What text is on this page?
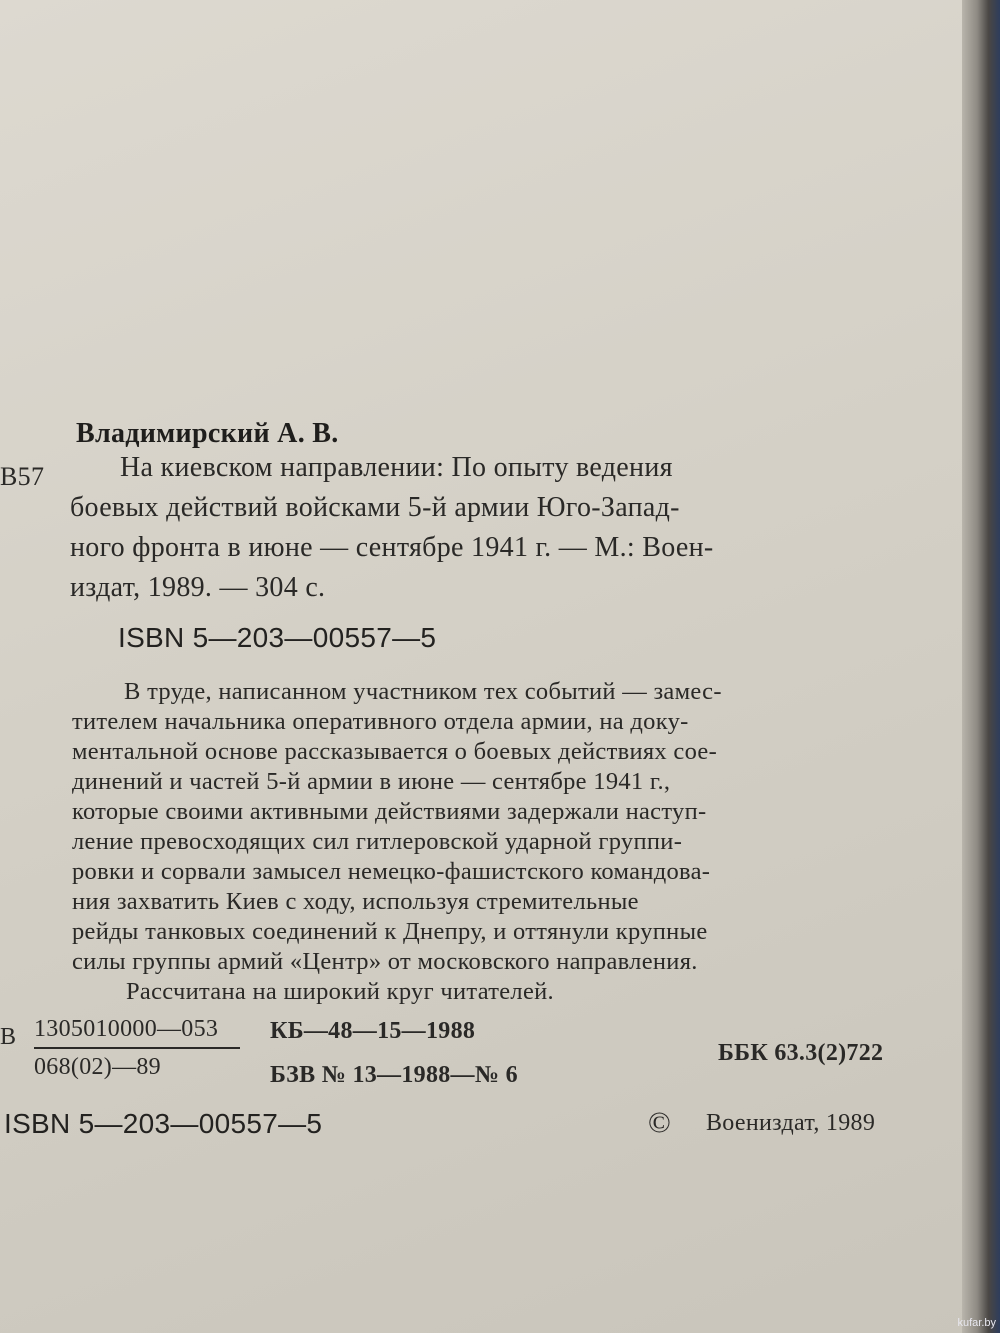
Владимирский А. В.
В57	На киевском направлении: По опыту ведения
боевых действий войсками 5-й армии Юго-Запад-
ного фронта в июне — сентябре 1941 г. — М.: Воен-
издат, 1989. — 304 с.
ISBN 5—203—00557—5
В труде, написанном участником тех событий — замес-
тителем начальника оперативного отдела армии, на доку-
ментальной основе рассказывается о боевых действиях сое-
динений и частей 5-й армии в июне — сентябре 1941 г.,
которые своими активными действиями задержали наступ-
ление превосходящих сил гитлеровской ударной группи-
ровки и сорвали замысел немецко-фашистского командова-
ния захватить Киев с ходу, используя стремительные
рейды танковых соединений к Днепру, и оттянули крупные
силы группы армий «Центр» от московского направления.
Рассчитана на широкий круг читателей.
В 1305010000—053
068(02)—89
КБ—48—15—1988
БЗВ № 13—1988—№ 6
ББК 63.3(2)722
ISBN 5—203—00557—5	© Воениздат, 1989
kufar.by
